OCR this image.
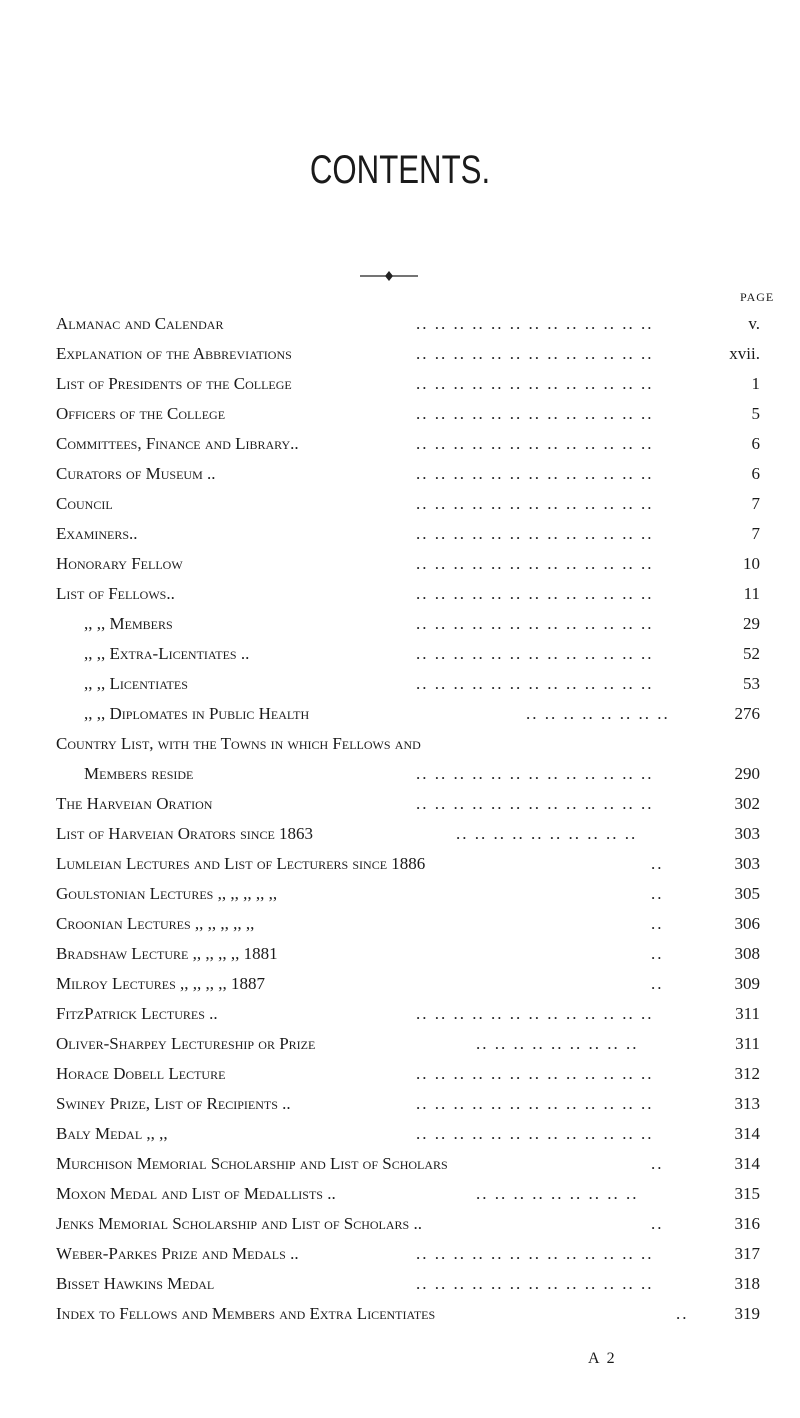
CONTENTS.
PAGE
Almanac and Calendar	.. .. .. .. .. .. .. .. .. .. .. .. ..	v.
Explanation of the Abbreviations	.. .. .. .. .. .. .. .. .. .. .. .. ..	xvii.
List of Presidents of the College	.. .. .. .. .. .. .. .. .. .. .. .. ..	1
Officers of the College	.. .. .. .. .. .. .. .. .. .. .. .. ..	5
Committees, Finance and Library..	.. .. .. .. .. .. .. .. .. .. .. .. ..	6
Curators of Museum ..	.. .. .. .. .. .. .. .. .. .. .. .. ..	6
Council	.. .. .. .. .. .. .. .. .. .. .. .. ..	7
Examiners..	.. .. .. .. .. .. .. .. .. .. .. .. ..	7
Honorary Fellow	.. .. .. .. .. .. .. .. .. .. .. .. ..	10
List of Fellows..	.. .. .. .. .. .. .. .. .. .. .. .. ..	11
,, ,, Members	.. .. .. .. .. .. .. .. .. .. .. .. ..	29
,, ,, Extra-Licentiates ..	.. .. .. .. .. .. .. .. .. .. .. .. ..	52
,, ,, Licentiates	.. .. .. .. .. .. .. .. .. .. .. .. ..	53
,, ,, Diplomates in Public Health	.. .. .. .. .. .. .. ..	276
Country List, with the Towns in which Fellows and
Members reside	.. .. .. .. .. .. .. .. .. .. .. .. ..	290
The Harveian Oration	.. .. .. .. .. .. .. .. .. .. .. .. ..	302
List of Harveian Orators since 1863	.. .. .. .. .. .. .. .. .. ..	303
Lumleian Lectures and List of Lecturers since 1886	..	303
Goulstonian Lectures ,, ,, ,, ,, ,,	..	305
Croonian Lectures ,, ,, ,, ,, ,,	..	306
Bradshaw Lecture ,, ,, ,, ,, 1881	..	308
Milroy Lectures ,, ,, ,, ,, 1887	..	309
FitzPatrick Lectures ..	.. .. .. .. .. .. .. .. .. .. .. .. ..	311
Oliver-Sharpey Lectureship or Prize	.. .. .. .. .. .. .. .. ..	311
Horace Dobell Lecture	.. .. .. .. .. .. .. .. .. .. .. .. ..	312
Swiney Prize, List of Recipients ..	.. .. .. .. .. .. .. .. .. .. .. .. ..	313
Baly Medal ,, ,,	.. .. .. .. .. .. .. .. .. .. .. .. ..	314
Murchison Memorial Scholarship and List of Scholars	..	314
Moxon Medal and List of Medallists ..	.. .. .. .. .. .. .. .. ..	315
Jenks Memorial Scholarship and List of Scholars ..	..	316
Weber-Parkes Prize and Medals ..	.. .. .. .. .. .. .. .. .. .. .. .. ..	317
Bisset Hawkins Medal	.. .. .. .. .. .. .. .. .. .. .. .. ..	318
Index to Fellows and Members and Extra Licentiates	..	319
A 2
